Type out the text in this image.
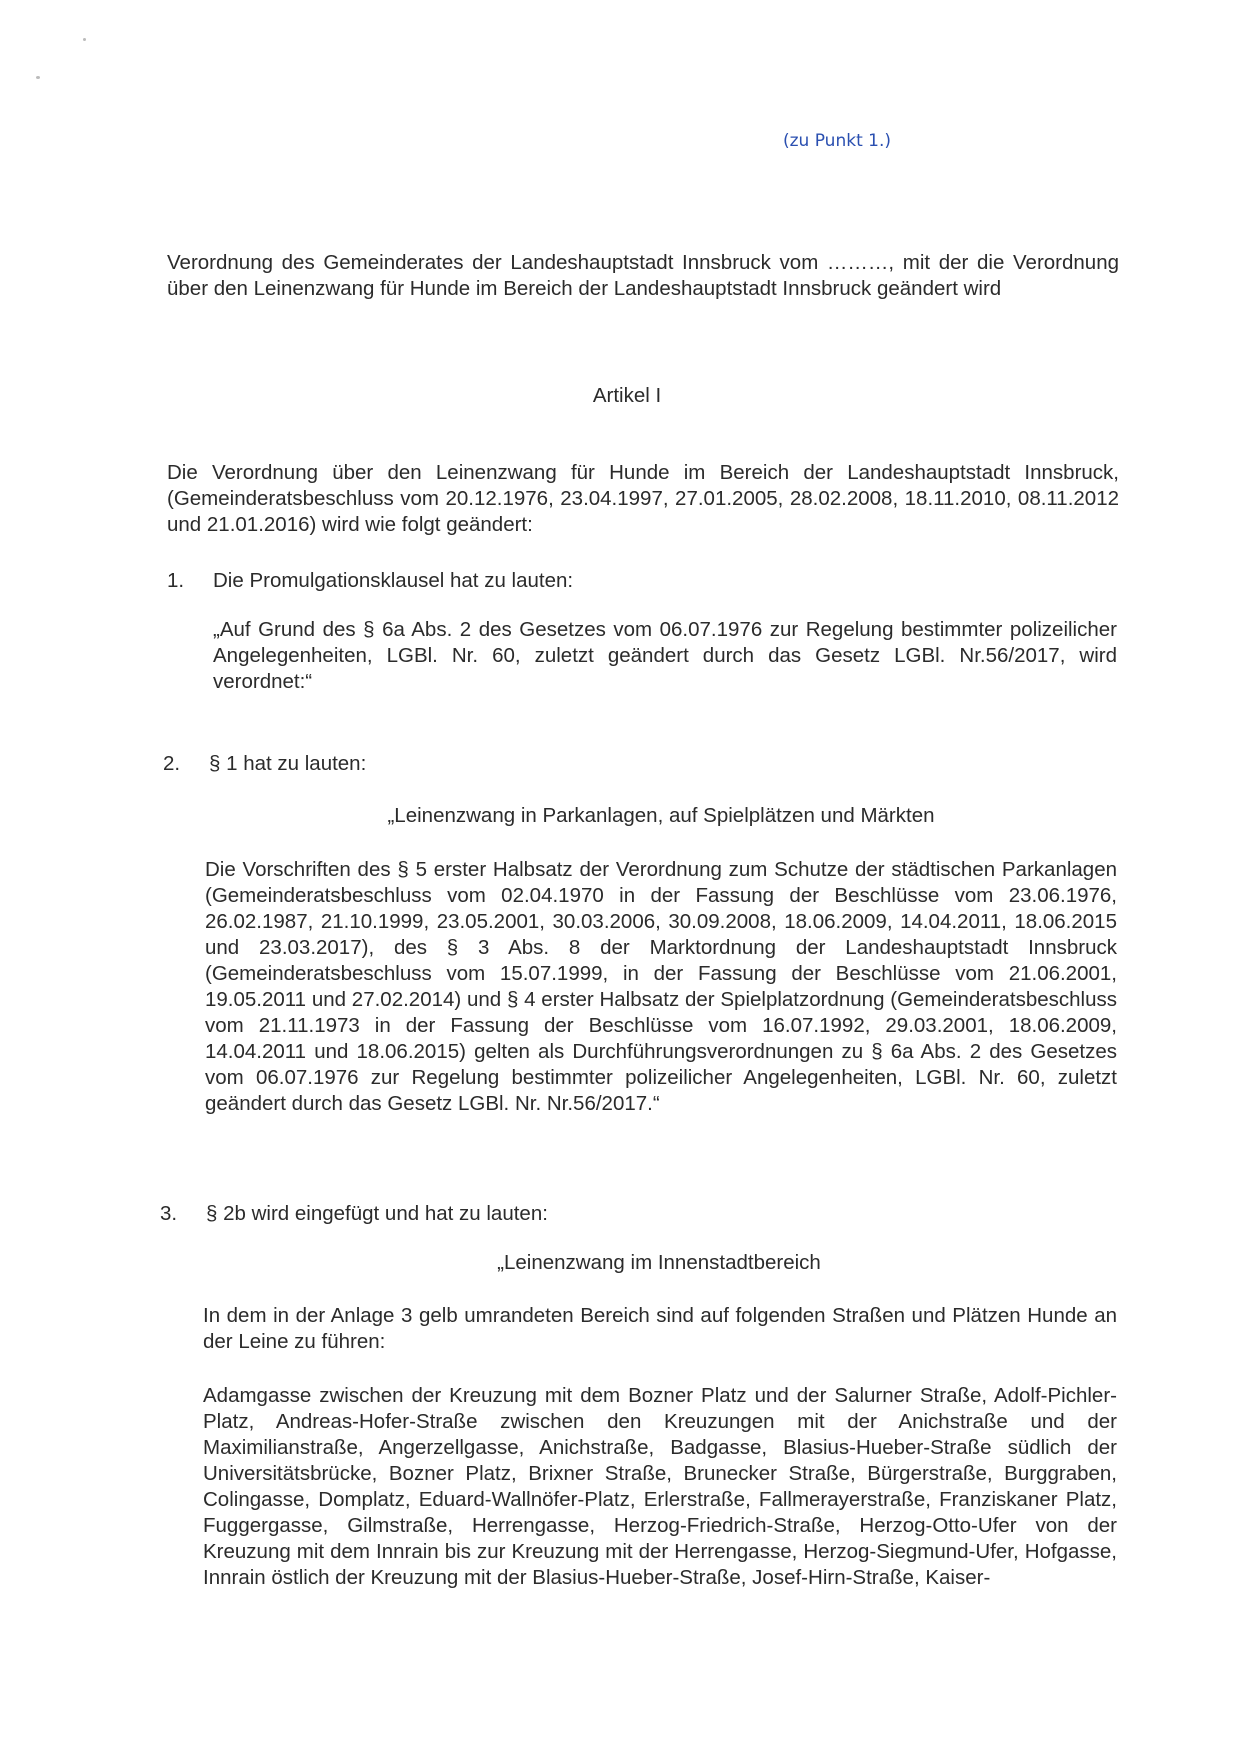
(zu Punkt 1.)
Verordnung des Gemeinderates der Landeshauptstadt Innsbruck vom ………, mit der die Verordnung über den Leinenzwang für Hunde im Bereich der Landeshauptstadt Innsbruck geändert wird
Artikel I
Die Verordnung über den Leinenzwang für Hunde im Bereich der Landeshauptstadt Innsbruck, (Gemeinderatsbeschluss vom 20.12.1976, 23.04.1997, 27.01.2005, 28.02.2008, 18.11.2010, 08.11.2012 und 21.01.2016) wird wie folgt geändert:
1. Die Promulgationsklausel hat zu lauten:
„Auf Grund des § 6a Abs. 2 des Gesetzes vom 06.07.1976 zur Regelung bestimmter polizeilicher Angelegenheiten, LGBl. Nr. 60, zuletzt geändert durch das Gesetz LGBl. Nr.56/2017, wird verordnet:“
2. § 1 hat zu lauten:
„Leinenzwang in Parkanlagen, auf Spielplätzen und Märkten
Die Vorschriften des § 5 erster Halbsatz der Verordnung zum Schutze der städtischen Parkanlagen (Gemeinderatsbeschluss vom 02.04.1970 in der Fassung der Beschlüsse vom 23.06.1976, 26.02.1987, 21.10.1999, 23.05.2001, 30.03.2006, 30.09.2008, 18.06.2009, 14.04.2011, 18.06.2015 und 23.03.2017), des § 3 Abs. 8 der Marktordnung der Landeshauptstadt Innsbruck (Gemeinderatsbeschluss vom 15.07.1999, in der Fassung der Beschlüsse vom 21.06.2001, 19.05.2011 und 27.02.2014) und § 4 erster Halbsatz der Spielplatzordnung (Gemeinderatsbeschluss vom 21.11.1973 in der Fassung der Beschlüsse vom 16.07.1992, 29.03.2001, 18.06.2009, 14.04.2011 und 18.06.2015) gelten als Durchführungsverordnungen zu § 6a Abs. 2 des Gesetzes vom 06.07.1976 zur Regelung bestimmter polizeilicher Angelegenheiten, LGBl. Nr. 60, zuletzt geändert durch das Gesetz LGBl. Nr. Nr.56/2017.“
3. § 2b wird eingefügt und hat zu lauten:
„Leinenzwang im Innenstadtbereich
In dem in der Anlage 3 gelb umrandeten Bereich sind auf folgenden Straßen und Plätzen Hunde an der Leine zu führen:
Adamgasse zwischen der Kreuzung mit dem Bozner Platz und der Salurner Straße, Adolf-Pichler-Platz, Andreas-Hofer-Straße zwischen den Kreuzungen mit der Anichstraße und der Maximilianstraße, Angerzellgasse, Anichstraße, Badgasse, Blasius-Hueber-Straße südlich der Universitätsbrücke, Bozner Platz, Brixner Straße, Brunecker Straße, Bürgerstraße, Burggraben, Colingasse, Domplatz, Eduard-Wallnöfer-Platz, Erlerstraße, Fallmerayerstraße, Franziskaner Platz, Fuggergasse, Gilmstraße, Herrengasse, Herzog-Friedrich-Straße, Herzog-Otto-Ufer von der Kreuzung mit dem Innrain bis zur Kreuzung mit der Herrengasse, Herzog-Siegmund-Ufer, Hofgasse, Innrain östlich der Kreuzung mit der Blasius-Hueber-Straße, Josef-Hirn-Straße, Kaiser-
